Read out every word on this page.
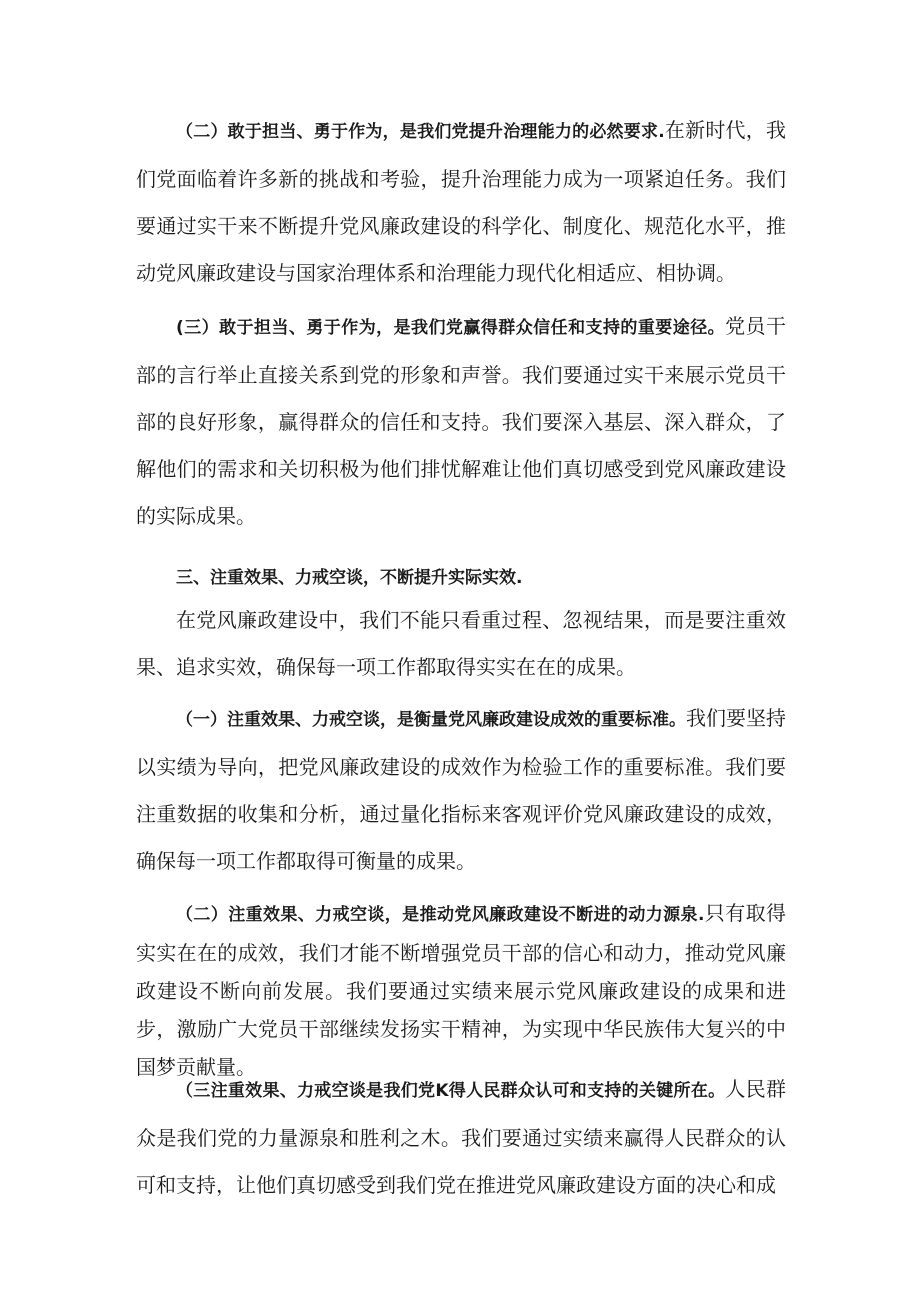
（二）敢于担当、勇于作为，是我们党提升治理能力的必然要求.在新时代，我们党面临着许多新的挑战和考验，提升治理能力成为一项紧迫任务。我们要通过实干来不断提升党风廉政建设的科学化、制度化、规范化水平，推动党风廉政建设与国家治理体系和治理能力现代化相适应、相协调。

(三）敢于担当、勇于作为，是我们党赢得群众信任和支持的重要途径。党员干部的言行举止直接关系到党的形象和声誉。我们要通过实干来展示党员干部的良好形象，赢得群众的信任和支持。我们要深入基层、深入群众，了解他们的需求和关切积极为他们排忧解难让他们真切感受到党风廉政建设的实际成果。

三、注重效果、力戒空谈，不断提升实际实效.

在党风廉政建设中，我们不能只看重过程、忽视结果，而是要注重效果、追求实效，确保每一项工作都取得实实在在的成果。

（一）注重效果、力戒空谈，是衡量党风廉政建设成效的重要标准。我们要坚持以实绩为导向，把党风廉政建设的成效作为检验工作的重要标准。我们要注重数据的收集和分析，通过量化指标来客观评价党风廉政建设的成效，确保每一项工作都取得可衡量的成果。

（二）注重效果、力戒空谈，是推动党风廉政建设不断进的动力源泉.只有取得实实在在的成效，我们才能不断增强党员干部的信心和动力，推动党风廉政建设不断向前发展。我们要通过实绩来展示党风廉政建设的成果和进步，激励广大党员干部继续发扬实干精神，为实现中华民族伟大复兴的中国梦贡献量。

（三注重效果、力戒空谈是我们党K得人民群众认可和支持的关键所在。人民群众是我们党的力量源泉和胜利之木。我们要通过实绩来赢得人民群众的认可和支持，让他们真切感受到我们党在推进党风廉政建设方面的决心和成
